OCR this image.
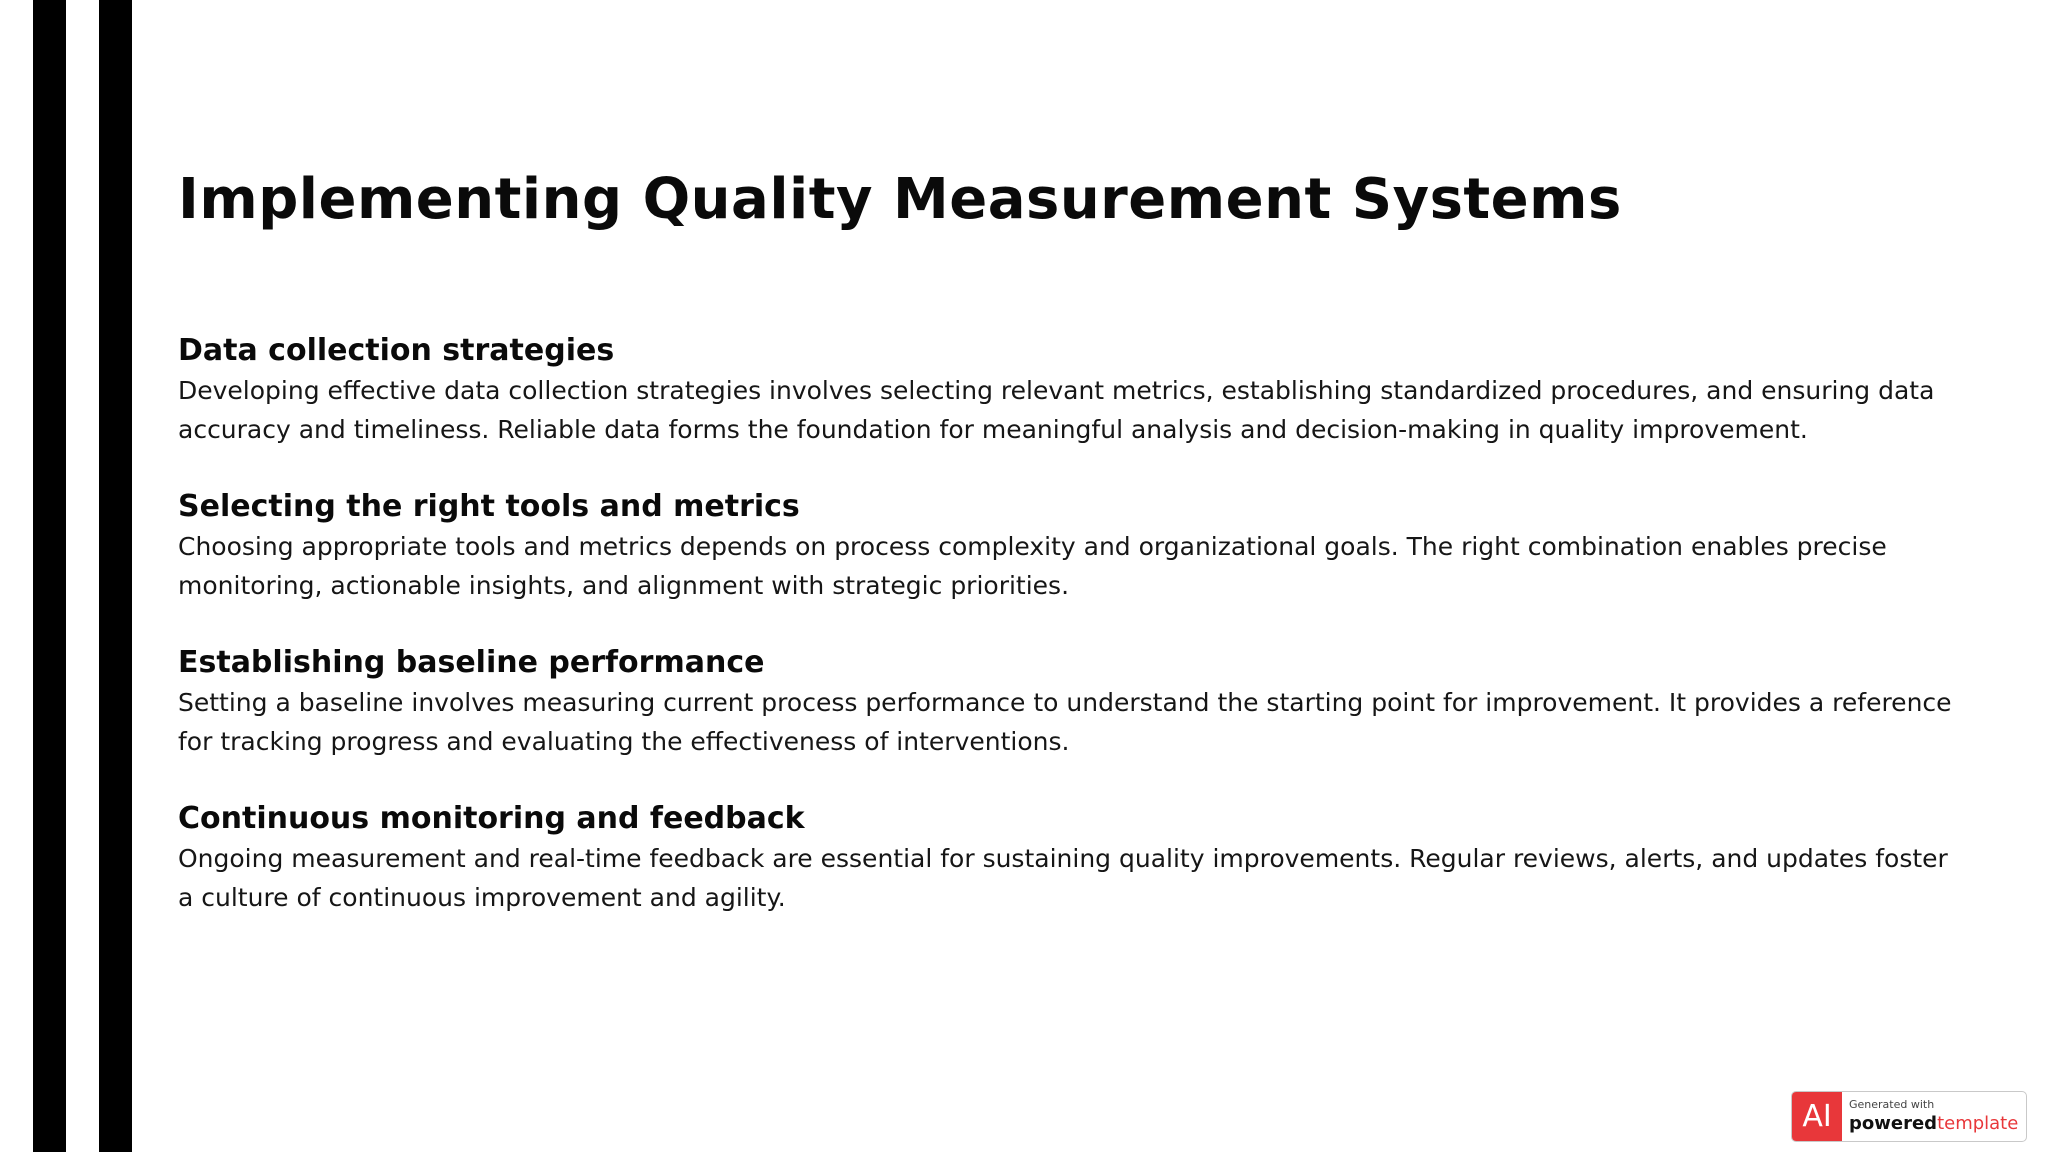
Implementing Quality Measurement Systems
Data collection strategies

Developing effective data collection strategies involves selecting relevant metrics, establishing standardized procedures, and ensuring data accuracy and timeliness. Reliable data forms the foundation for meaningful analysis and decision-making in quality improvement.

Selecting the right tools and metrics

Choosing appropriate tools and metrics depends on process complexity and organizational goals. The right combination enables precise monitoring, actionable insights, and alignment with strategic priorities.

Establishing baseline performance

Setting a baseline involves measuring current process performance to understand the starting point for improvement. It provides a reference for tracking progress and evaluating the effectiveness of interventions.

Continuous monitoring and feedback

Ongoing measurement and real-time feedback are essential for sustaining quality improvements. Regular reviews, alerts, and updates foster a culture of continuous improvement and agility.

AI	Generated with
poweredtemplate
